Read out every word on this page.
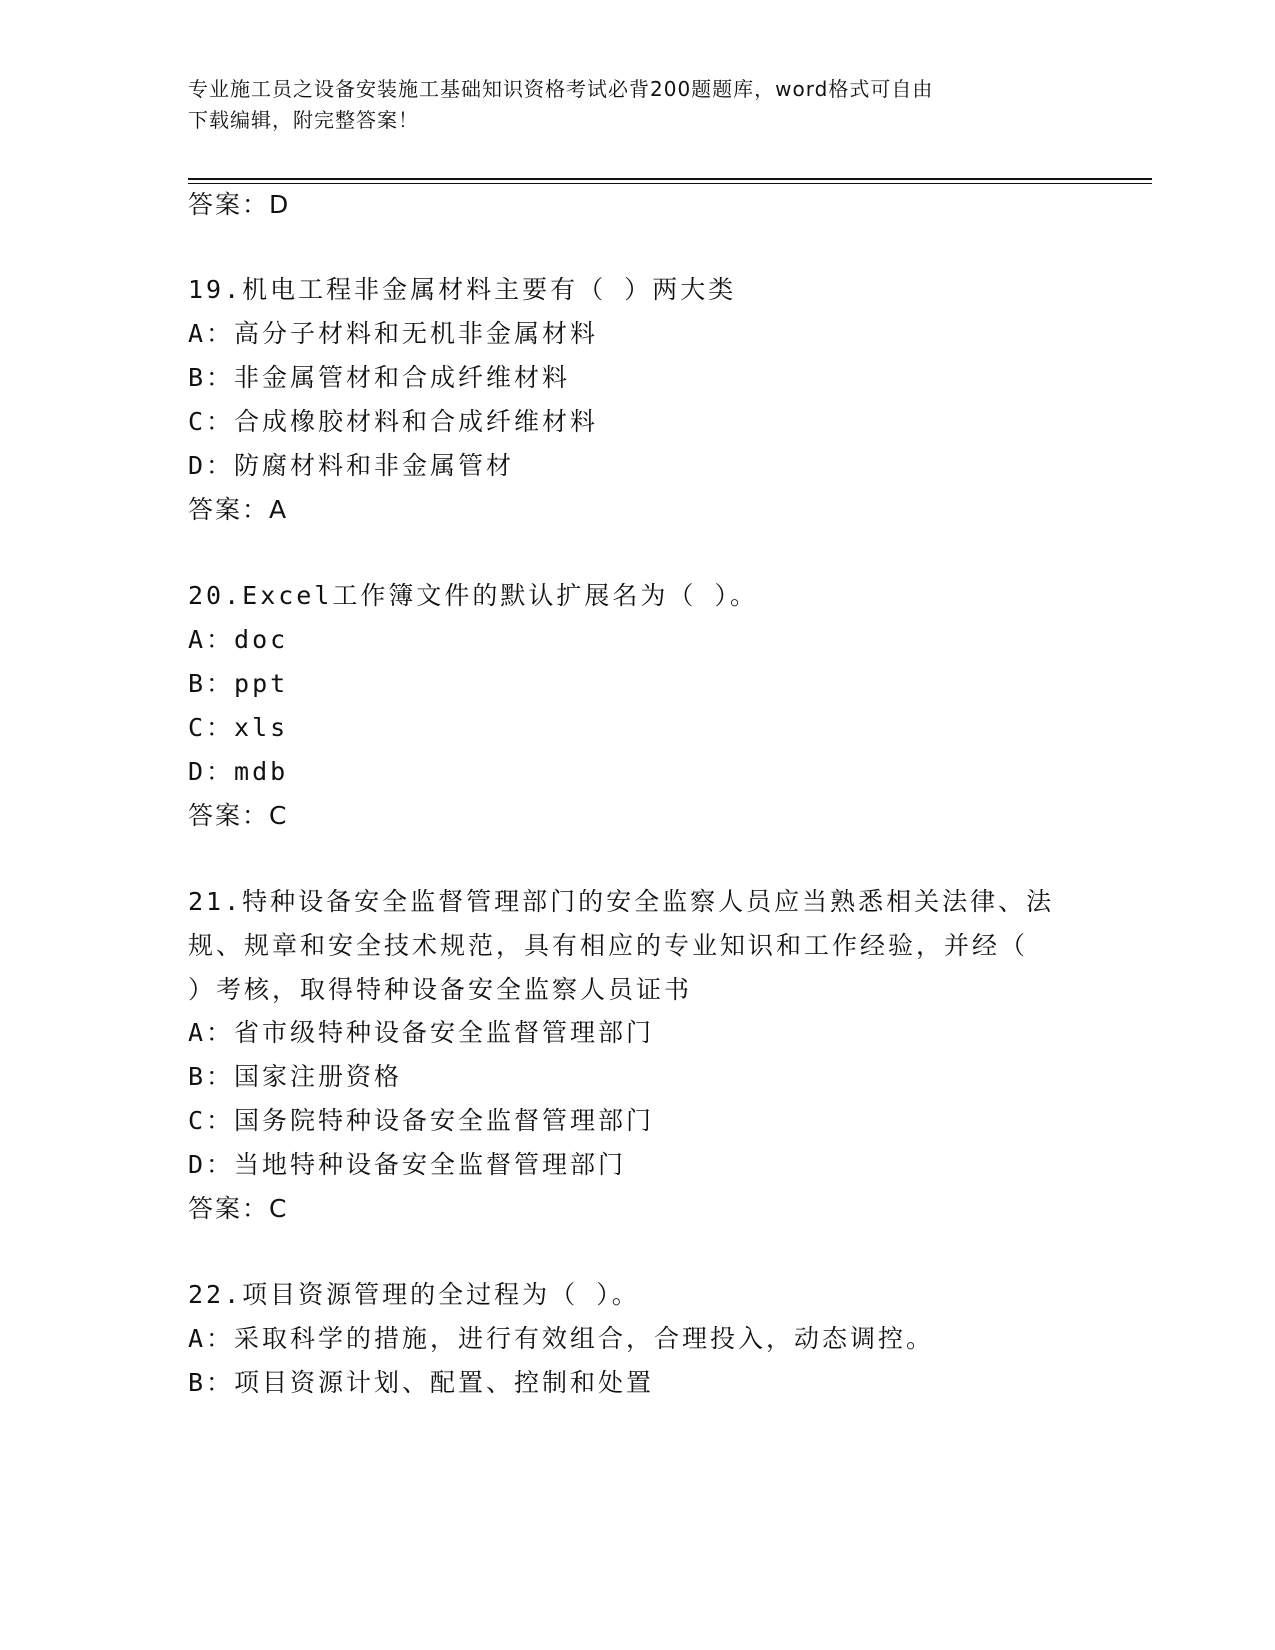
专业施工员之设备安装施工基础知识资格考试必背200题题库，word格式可自由
下载编辑，附完整答案！
答案：D
19.机电工程非金属材料主要有（ ）两大类
A：高分子材料和无机非金属材料
B：非金属管材和合成纤维材料
C：合成橡胶材料和合成纤维材料
D：防腐材料和非金属管材
答案：A
20.Excel工作簿文件的默认扩展名为（ ）。
A：doc
B：ppt
C：xls
D：mdb
答案：C
21.特种设备安全监督管理部门的安全监察人员应当熟悉相关法律、法
规、规章和安全技术规范，具有相应的专业知识和工作经验，并经（
）考核，取得特种设备安全监察人员证书
A：省市级特种设备安全监督管理部门
B：国家注册资格
C：国务院特种设备安全监督管理部门
D：当地特种设备安全监督管理部门
答案：C
22.项目资源管理的全过程为（ ）。
A：采取科学的措施，进行有效组合，合理投入，动态调控。
B：项目资源计划、配置、控制和处置
